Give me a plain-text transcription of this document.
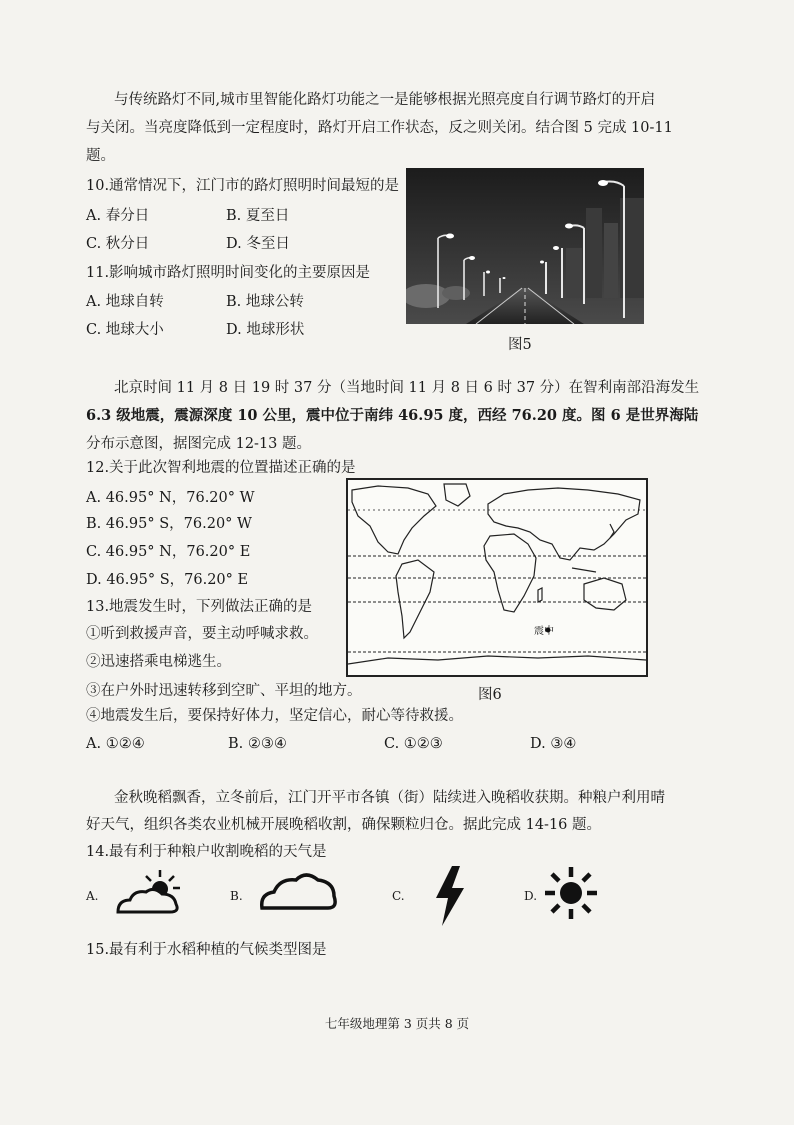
与传统路灯不同,城市里智能化路灯功能之一是能够根据光照亮度自行调节路灯的开启
与关闭。当亮度降低到一定程度时，路灯开启工作状态，反之则关闭。结合图 5 完成 10-11
题。
10.通常情况下，江门市的路灯照明时间最短的是
A. 春分日	B. 夏至日
C. 秋分日	D. 冬至日
11.影响城市路灯照明时间变化的主要原因是
A. 地球自转	B. 地球公转
C. 地球大小	D. 地球形状
图5
北京时间 11 月 8 日 19 时 37 分（当地时间 11 月 8 日 6 时 37 分）在智利南部沿海发生
6.3 级地震，震源深度 10 公里，震中位于南纬 46.95 度，西经 76.20 度。图 6 是世界海陆
分布示意图，据图完成 12-13 题。
12.关于此次智利地震的位置描述正确的是
A. 46.95° N，76.20° W
B. 46.95° S，76.20° W
C. 46.95° N，76.20° E
D. 46.95° S，76.20° E
震中
图6
13.地震发生时，下列做法正确的是
①听到救援声音，要主动呼喊求救。
②迅速搭乘电梯逃生。
③在户外时迅速转移到空旷、平坦的地方。
④地震发生后，要保持好体力，坚定信心，耐心等待救援。
A. ①②④	B. ②③④	C. ①②③	D. ③④
金秋晚稻飘香，立冬前后，江门开平市各镇（街）陆续进入晚稻收获期。种粮户利用晴
好天气，组织各类农业机械开展晚稻收割，确保颗粒归仓。据此完成 14-16 题。
14.最有利于种粮户收割晚稻的天气是
A.	B.	C.	D.
15.最有利于水稻种植的气候类型图是
七年级地理第 3 页共 8 页
